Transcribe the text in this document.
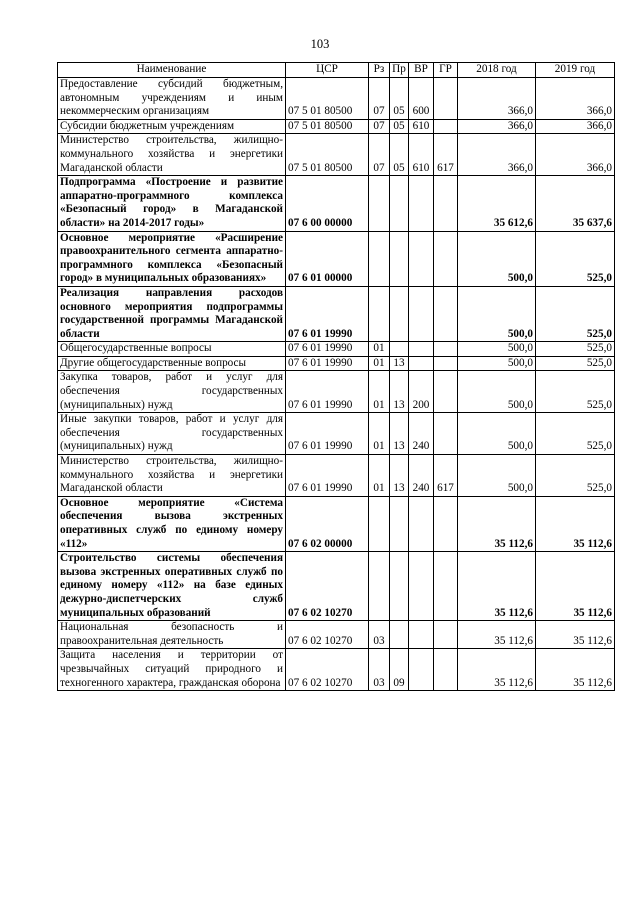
103
Наименование	ЦСР	Рз	Пр	ВР	ГР	2018 год	2019 год
Предоставление субсидий бюджетным, автономным учреждениям и иным некоммерческим организациям	07 5 01 80500	07	05	600		366,0	366,0
Субсидии бюджетным учреждениям	07 5 01 80500	07	05	610		366,0	366,0
Министерство строительства, жилищно-коммунального хозяйства и энергетики Магаданской области	07 5 01 80500	07	05	610	617	366,0	366,0
Подпрограмма «Построение и развитие аппаратно-программного комплекса «Безопасный город» в Магаданской области» на 2014-2017 годы»	07 6 00 00000					35 612,6	35 637,6
Основное мероприятие «Расширение правоохранительного сегмента аппаратно-программного комплекса «Безопасный город» в муниципальных образованиях»	07 6 01 00000					500,0	525,0
Реализация направления расходов основного мероприятия подпрограммы государственной программы Магаданской области	07 6 01 19990					500,0	525,0
Общегосударственные вопросы	07 6 01 19990	01				500,0	525,0
Другие общегосударственные вопросы	07 6 01 19990	01	13			500,0	525,0
Закупка товаров, работ и услуг для обеспечения государственных (муниципальных) нужд	07 6 01 19990	01	13	200		500,0	525,0
Иные закупки товаров, работ и услуг для обеспечения государственных (муниципальных) нужд	07 6 01 19990	01	13	240		500,0	525,0
Министерство строительства, жилищно-коммунального хозяйства и энергетики Магаданской области	07 6 01 19990	01	13	240	617	500,0	525,0
Основное мероприятие «Система обеспечения вызова экстренных оперативных служб по единому номеру «112»	07 6 02 00000					35 112,6	35 112,6
Строительство системы обеспечения вызова экстренных оперативных служб по единому номеру «112» на базе единых дежурно-диспетчерских служб муниципальных образований	07 6 02 10270					35 112,6	35 112,6
Национальная безопасность и правоохранительная деятельность	07 6 02 10270	03				35 112,6	35 112,6
Защита населения и территории от чрезвычайных ситуаций природного и техногенного характера, гражданская оборона	07 6 02 10270	03	09			35 112,6	35 112,6
